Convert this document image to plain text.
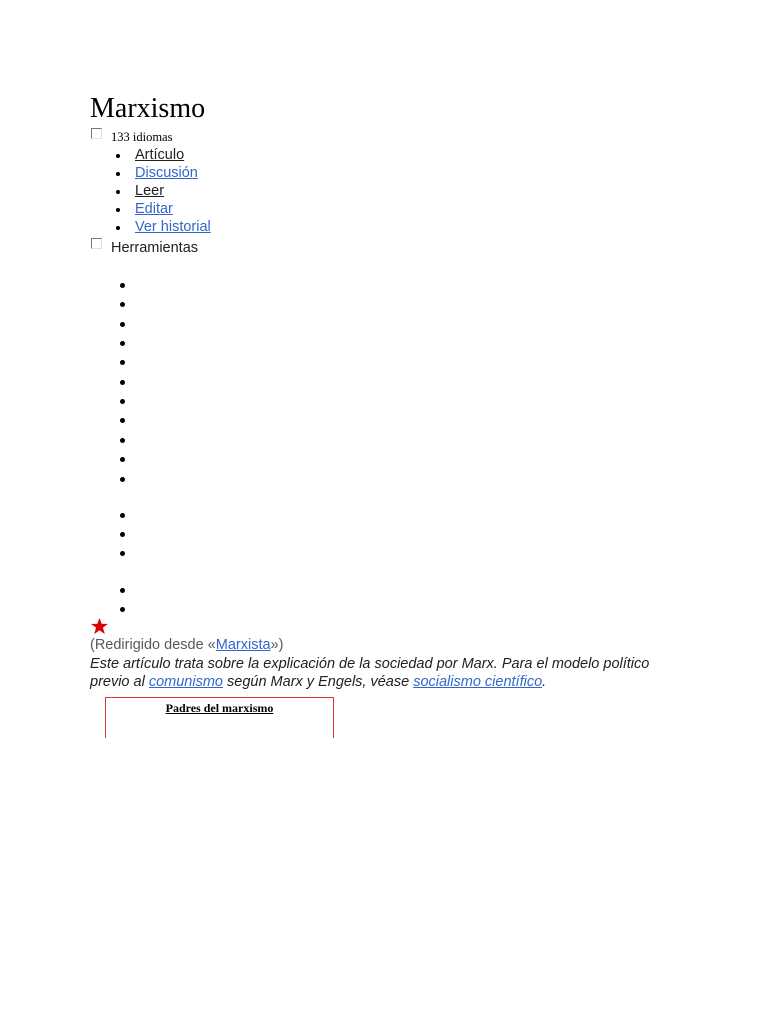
Marxismo
133 idiomas
Artículo
Discusión
Leer
Editar
Ver historial
Herramientas
(Redirigido desde «Marxista»)
Este artículo trata sobre la explicación de la sociedad por Marx. Para el modelo político previo al comunismo según Marx y Engels, véase socialismo científico.
Padres del marxismo
